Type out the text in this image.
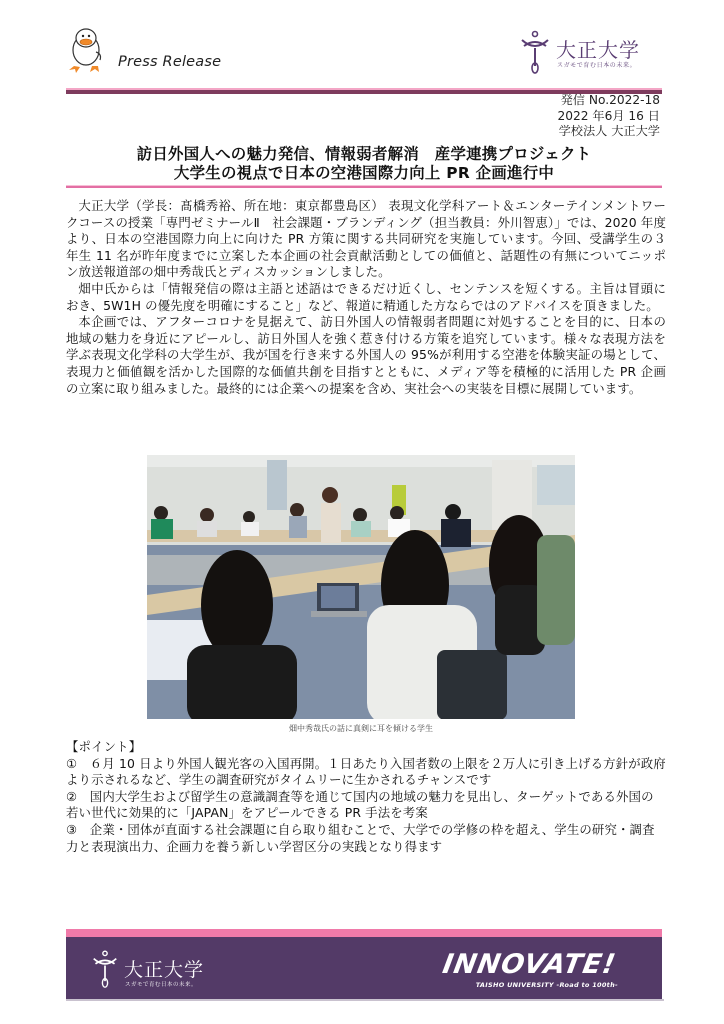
Press Release	大正大学
スガモで育む日本の未来。
発信 No.2022-18
2022 年6月 16 日
学校法人 大正大学
訪日外国人への魅力発信、情報弱者解消　産学連携プロジェクト
大学生の視点で日本の空港国際力向上 PR 企画進行中

大正大学（学長：髙橋秀裕、所在地：東京都豊島区） 表現文化学科アート＆エンターテインメントワークコースの授業「専門ゼミナールⅡ　社会課題・ブランディング（担当教員：外川智恵）」では、2020 年度より、日本の空港国際力向上に向けた PR 方策に関する共同研究を実施しています。今回、受講学生の３年生 11 名が昨年度までに立案した本企画の社会貢献活動としての価値と、話題性の有無についてニッポン放送報道部の畑中秀哉氏とディスカッションしました。

畑中氏からは「情報発信の際は主語と述語はできるだけ近くし、センテンスを短くする。主旨は冒頭におき、5W1H の優先度を明確にすること」など、報道に精通した方ならではのアドバイスを頂きました。

本企画では、アフターコロナを見据えて、訪日外国人の情報弱者問題に対処することを目的に、日本の地域の魅力を身近にアピールし、訪日外国人を強く惹き付ける方策を追究しています。様々な表現方法を学ぶ表現文化学科の大学生が、我が国を行き来する外国人の 95%が利用する空港を体験実証の場として、表現力と価値観を活かした国際的な価値共創を目指すとともに、メディア等を積極的に活用した PR 企画の立案に取り組みました。最終的には企業への提案を含め、実社会への実装を目標に展開しています。

畑中秀哉氏の話に真剣に耳を傾ける学生
【ポイント】
①　６月 10 日より外国人観光客の入国再開。１日あたり入国者数の上限を２万人に引き上げる方針が政府より示されるなど、学生の調査研究がタイムリーに生かされるチャンスです
②　国内大学生および留学生の意識調査等を通じて国内の地域の魅力を見出し、ターゲットである外国の若い世代に効果的に「JAPAN」をアピールできる PR 手法を考案
③　企業・団体が直面する社会課題に自ら取り組むことで、大学での学修の枠を超え、学生の研究・調査力と表現演出力、企画力を養う新しい学習区分の実践となり得ます
大正大学
スガモで育む日本の未来。
INNOVATE!
TAISHO UNIVERSITY -Road to 100th-
